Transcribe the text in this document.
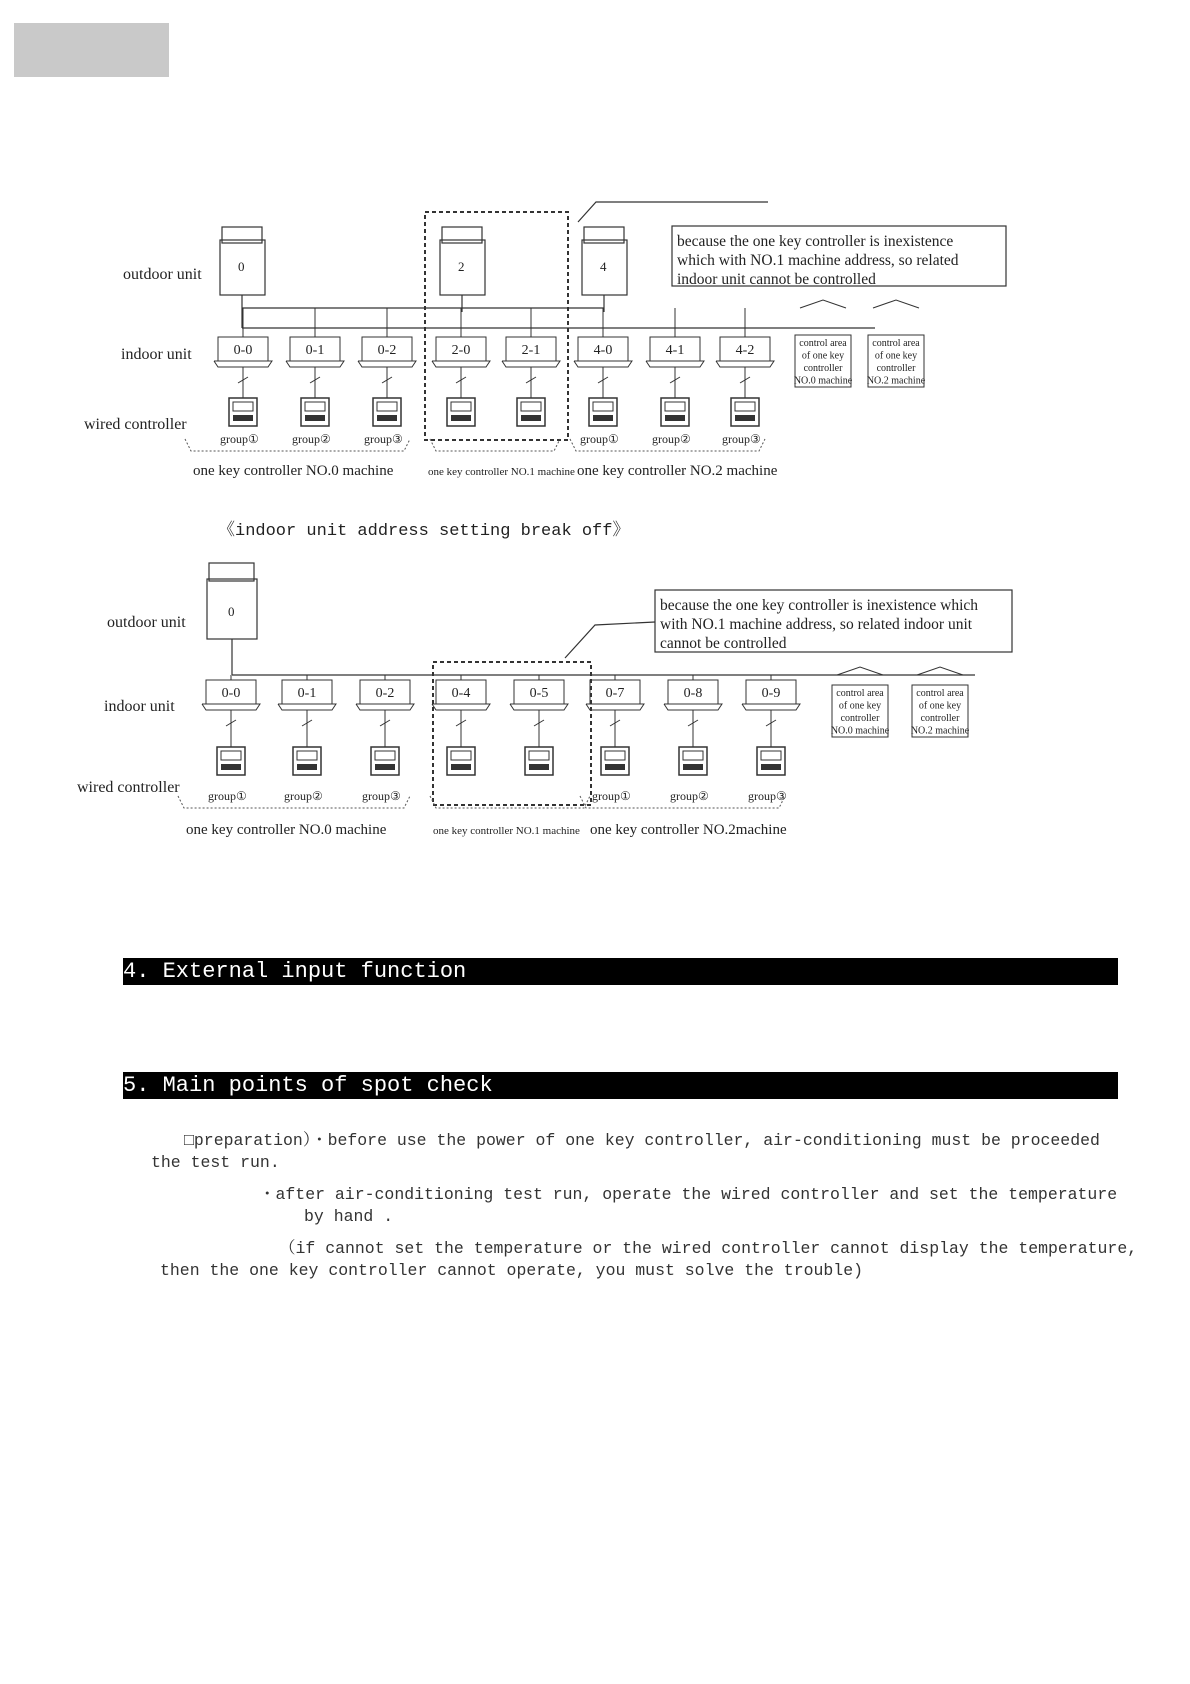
0-0	0-1	0-2	2-0	2-1	4-0	4-1	4-2
group①	group②	group③	group①	group②	group③
control area
of one key
controller
NO.0 machine
control area
of one key
controller
NO.2 machine
outdoor unit
indoor unit
wired controller
0	2	4
because the one key controller is inexistence
which with NO.1 machine address, so related
indoor unit cannot be controlled
one key controller NO.0 machine	one key controller NO.1 machine one key controller NO.2 machine
《indoor unit address setting break off》
0-0	0-1	0-2	0-4	0-5	0-7	0-8	0-9
group①	group②	group③	group①	group②	group③
control area
of one key
controller
NO.0 machine
control area
of one key
controller
NO.2 machine
outdoor unit
indoor unit
wired controller
0	because the one key controller is inexistence which
with NO.1 machine address, so related indoor unit
cannot be controlled
one key controller NO.0 machine	one key controller NO.1 machine one key controller NO.2machine
4. External input function
5. Main points of spot check
□preparation）・before use the power of one key controller, air-conditioning must be proceeded
the test run.
・after air-conditioning test run, operate the wired controller and set the temperature
by hand .
（if cannot set the temperature or the wired controller cannot display the temperature,
then the one key controller cannot operate, you must solve the trouble)
